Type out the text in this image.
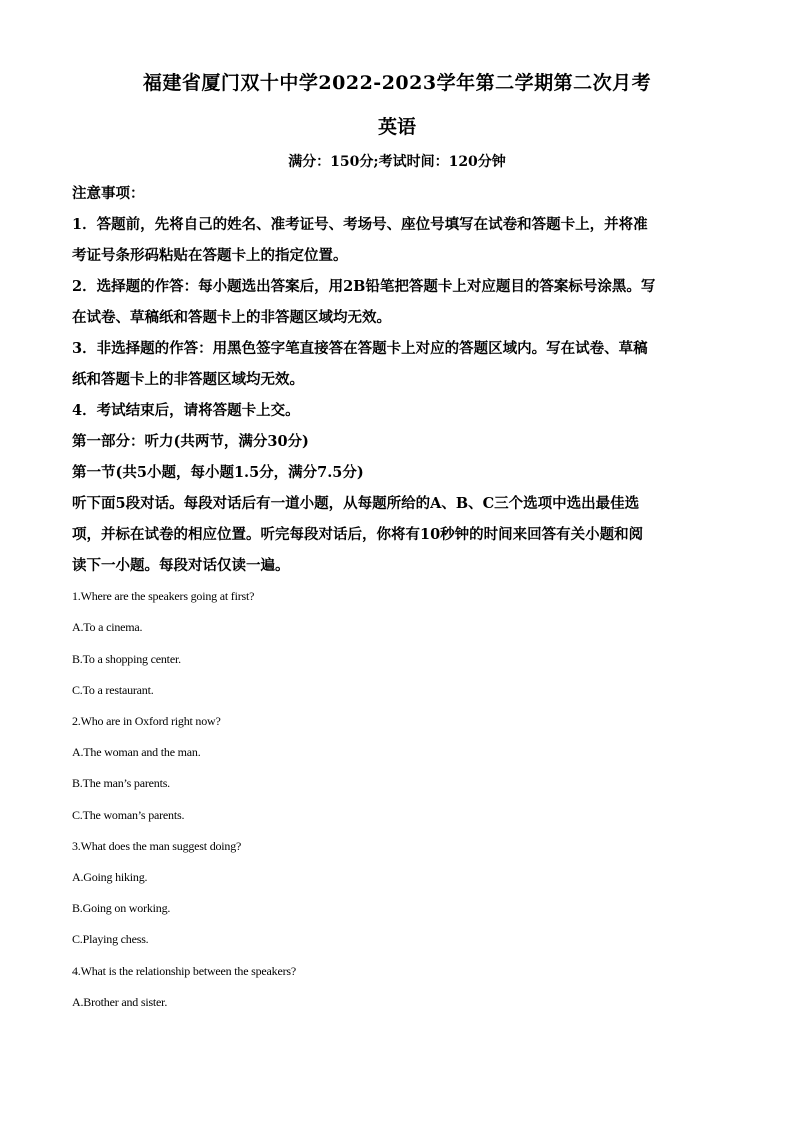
福建省厦门双十中学2022-2023学年第二学期第二次月考
英语
满分：150分;考试时间：120分钟
注意事项：
1．答题前，先将自己的姓名、准考证号、考场号、座位号填写在试卷和答题卡上，并将准
考证号条形码粘贴在答题卡上的指定位置。
2．选择题的作答：每小题选出答案后，用2B铅笔把答题卡上对应题目的答案标号涂黑。写
在试卷、草稿纸和答题卡上的非答题区域均无效。
3．非选择题的作答：用黑色签字笔直接答在答题卡上对应的答题区域内。写在试卷、草稿
纸和答题卡上的非答题区域均无效。
4．考试结束后，请将答题卡上交。
第一部分：听力(共两节，满分30分)
第一节(共5小题，每小题1.5分，满分7.5分)
听下面5段对话。每段对话后有一道小题，从每题所给的A、B、C三个选项中选出最佳选
项，并标在试卷的相应位置。听完每段对话后，你将有10秒钟的时间来回答有关小题和阅
读下一小题。每段对话仅读一遍。
1.Where are the speakers going at first?
A.To a cinema.
B.To a shopping center.
C.To a restaurant.
2.Who are in Oxford right now?
A.The woman and the man.
B.The man’s parents.
C.The woman’s parents.
3.What does the man suggest doing?
A.Going hiking.
B.Going on working.
C.Playing chess.
4.What is the relationship between the speakers?
A.Brother and sister.
